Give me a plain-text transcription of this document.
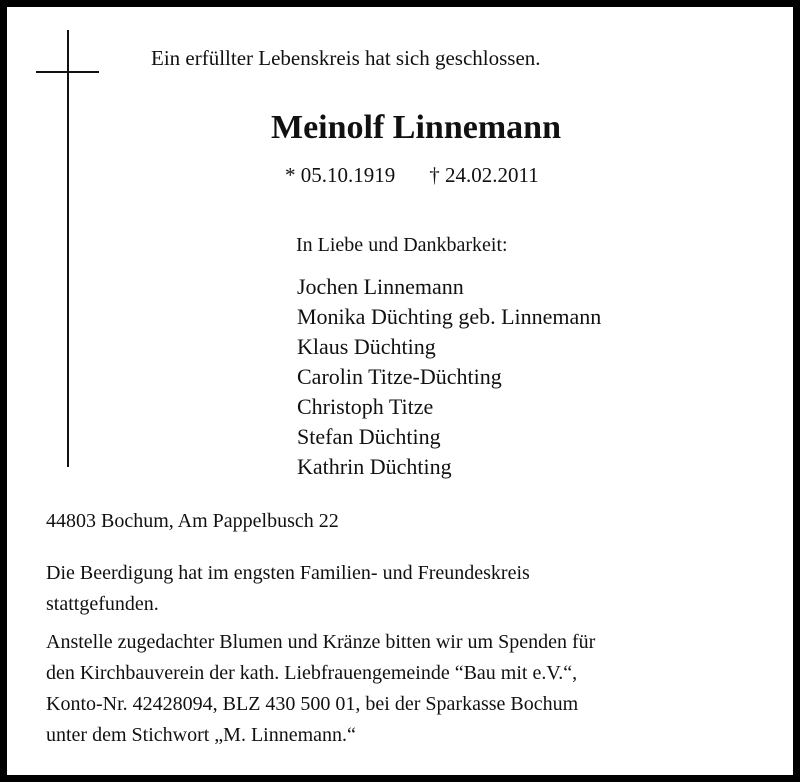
Ein erfüllter Lebenskreis hat sich geschlossen.
Meinolf Linnemann
* 05.10.1919 † 24.02.2011
In Liebe und Dankbarkeit:
Jochen Linnemann
Monika Düchting geb. Linnemann
Klaus Düchting
Carolin Titze-Düchting
Christoph Titze
Stefan Düchting
Kathrin Düchting
44803 Bochum, Am Pappelbusch 22
Die Beerdigung hat im engsten Familien- und Freundeskreis
stattgefunden.
Anstelle zugedachter Blumen und Kränze bitten wir um Spenden für
den Kirchbauverein der kath. Liebfrauengemeinde “Bau mit e.V.“,
Konto-Nr. 42428094, BLZ 430 500 01, bei der Sparkasse Bochum
unter dem Stichwort „M. Linnemann.“
